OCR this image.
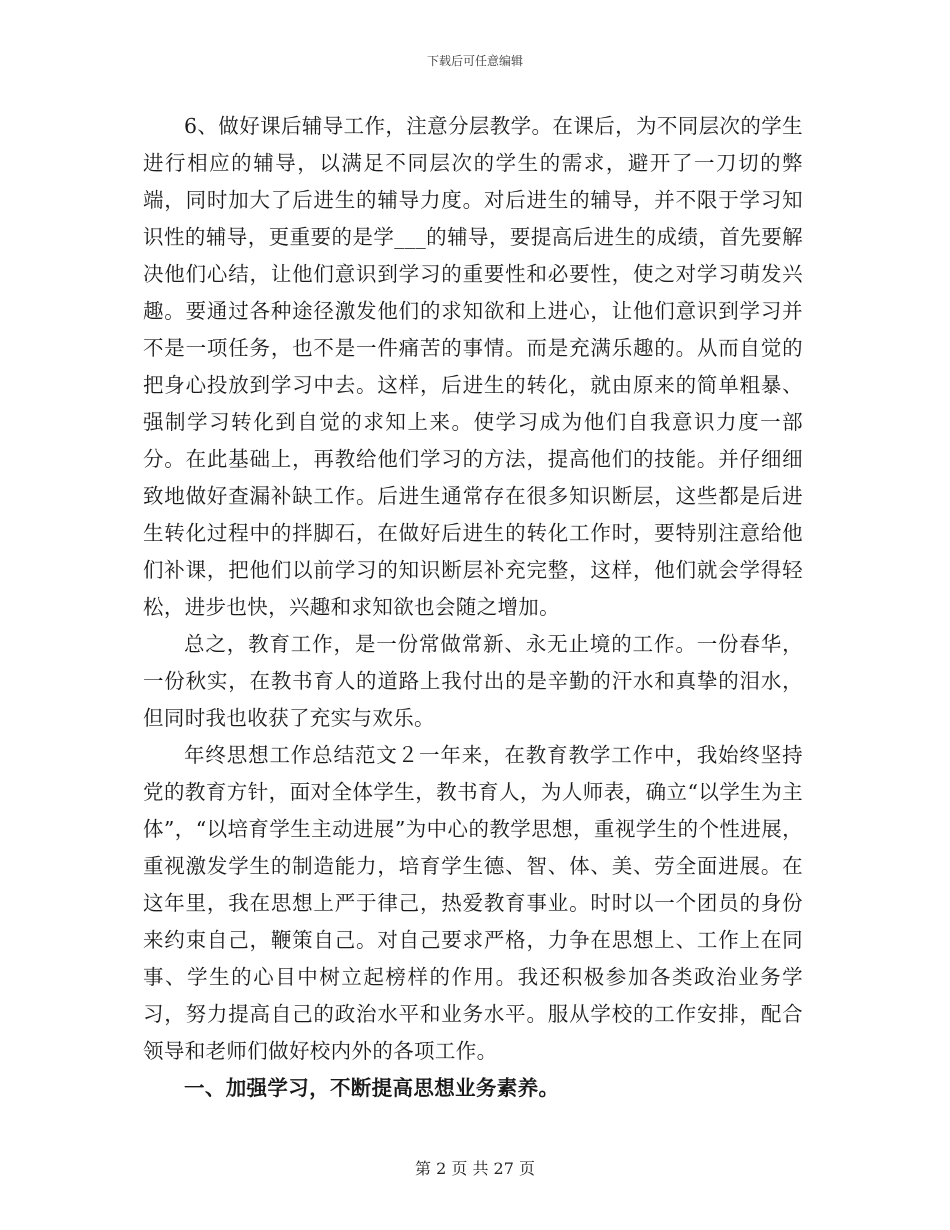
下载后可任意编辑

6、做好课后辅导工作，注意分层教学。在课后，为不同层次的学生进行相应的辅导，以满足不同层次的学生的需求，避开了一刀切的弊端，同时加大了后进生的辅导力度。对后进生的辅导，并不限于学习知识性的辅导，更重要的是学___的辅导，要提高后进生的成绩，首先要解决他们心结，让他们意识到学习的重要性和必要性，使之对学习萌发兴趣。要通过各种途径激发他们的求知欲和上进心，让他们意识到学习并不是一项任务，也不是一件痛苦的事情。而是充满乐趣的。从而自觉的把身心投放到学习中去。这样，后进生的转化，就由原来的简单粗暴、强制学习转化到自觉的求知上来。使学习成为他们自我意识力度一部分。在此基础上，再教给他们学习的方法，提高他们的技能。并仔细细致地做好查漏补缺工作。后进生通常存在很多知识断层，这些都是后进生转化过程中的拌脚石，在做好后进生的转化工作时，要特别注意给他们补课，把他们以前学习的知识断层补充完整，这样，他们就会学得轻松，进步也快，兴趣和求知欲也会随之增加。

总之，教育工作，是一份常做常新、永无止境的工作。一份春华，一份秋实，在教书育人的道路上我付出的是辛勤的汗水和真挚的泪水，但同时我也收获了充实与欢乐。

年终思想工作总结范文２一年来，在教育教学工作中，我始终坚持党的教育方针，面对全体学生，教书育人，为人师表，确立“以学生为主体”，“以培育学生主动进展”为中心的教学思想，重视学生的个性进展，重视激发学生的制造能力，培育学生德、智、体、美、劳全面进展。在这年里，我在思想上严于律己，热爱教育事业。时时以一个团员的身份来约束自己，鞭策自己。对自己要求严格，力争在思想上、工作上在同事、学生的心目中树立起榜样的作用。我还积极参加各类政治业务学习，努力提高自己的政治水平和业务水平。服从学校的工作安排，配合领导和老师们做好校内外的各项工作。

一、加强学习，不断提高思想业务素养。

第 2 页 共 27 页
